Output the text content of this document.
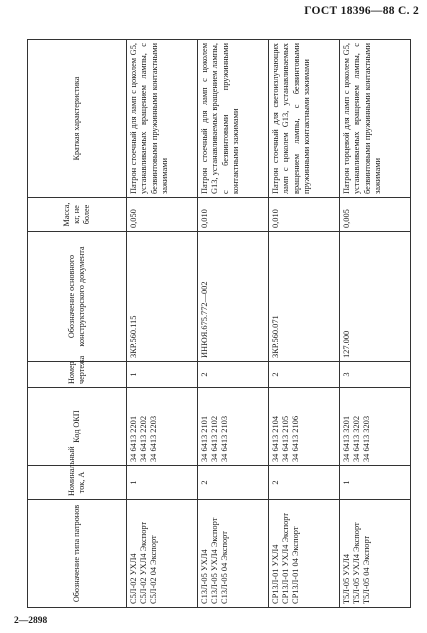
ГОСТ 18396—88 С. 2
Обозначение типа патронов	Номинальный ток, А	Код ОКП	Номер чертежа	Обозначение основного конструкторского документа	Масса, кг, не более	Краткая характеристика

С5Л-02 УХЛ4 С5Л-02 УХЛ4 Экспорт С5Л-02 04 Экспорт	1	34 6413 2201 34 6413 2202 34 6413 2203	1	ЗКР.560.115	0,050	Патрон стоечный для ламп с цоколем G5, устанавливаемых вращением лампы, с безвинтовыми пружинными контактными зажимами

С13Л-05 УХЛ4 С13Л-05 УХЛ4 Экспорт С13Л-05 04 Экспорт	2	34 6413 2101 34 6413 2102 34 6413 2103	2	ИНЮЯ.675.772—002	0,010	Патрон стоечный для ламп с цоколем G13, устанавливаемых вращением лампы, с безвинтовыми пружинными контактными зажимами

СР13Л-01 УХЛ4 СР13Л-01 УХЛ4 Экспорт СР13Л-01 04 Экспорт	2	34 6413 2104 34 6413 2105 34 6413 2106	2	ЗКР.560.071	0,010	Патрон стоечный для светоизлучающих ламп с цоколем G13, устанавливаемых вращением лампы, с безвинтовыми пружинными контактными зажимами

Т5Л-05 УХЛ4 Т5Л-05 УХЛ4 Экспорт Т5Л-05 04 Экспорт	1	34 6413 3201 34 6413 3202 34 6413 3203	3	127.000	0,005	Патрон торцевой для ламп с цоколем G5, устанавливаемых вращением лампы, с безвинтовыми пружинными контактными зажимами
2—2898
